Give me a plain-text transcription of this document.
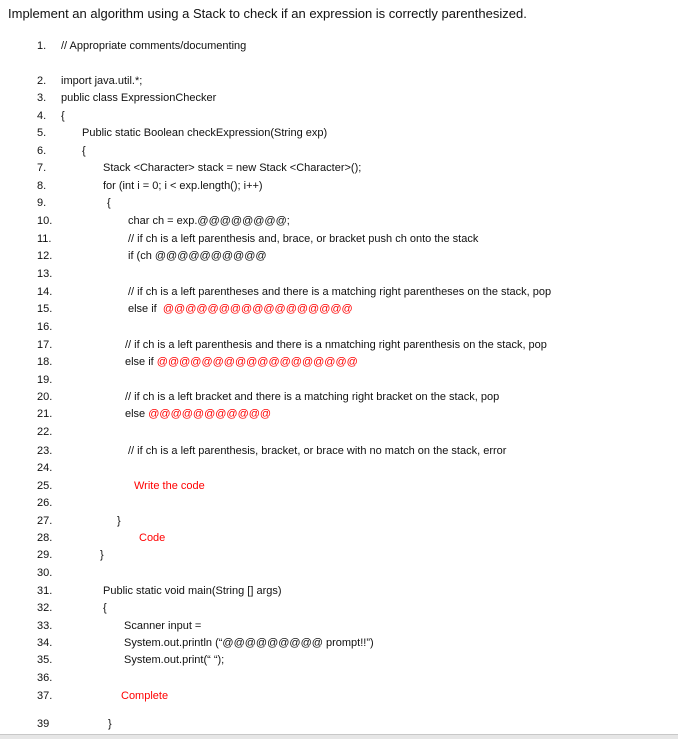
Implement an algorithm using a Stack to check if an expression is correctly parenthesized.
1. // Appropriate comments/documenting
2. import java.util.*;
3. public class ExpressionChecker
4. {
5.	Public static Boolean checkExpression(String exp)
6.	{
7.	Stack <Character> stack = new Stack <Character>();
8.	for (int i = 0; i < exp.length(); i++)
9.	{
10.	char ch = exp.@@@@@@@@;
11.	// if ch is a left parenthesis and, brace, or bracket push ch onto the stack
12.	if (ch @@@@@@@@@@
13.
14.	// if ch is a left parentheses and there is a matching right parentheses on the stack, pop
15.	else if  @@@@@@@@@@@@@@@@@
16.
17.	// if ch is a left parenthesis and there is a nmatching right parenthesis on the stack, pop
18.	else if @@@@@@@@@@@@@@@@@@
19.
20.	// if ch is a left bracket and there is a matching right bracket on the stack, pop
21.	else @@@@@@@@@@@
22.
23.	// if ch is a left parenthesis, bracket, or brace with no match on the stack, error
24.
25.	Write the code
26.
27.	}
28.	Code
29.	}
30.
31.	Public static void main(String [] args)
32.	{
33.	Scanner input =
34.	System.out.println (“@@@@@@@@@ prompt!!”)
35.	System.out.print(“ “);
36.
37.	Complete
39	}
